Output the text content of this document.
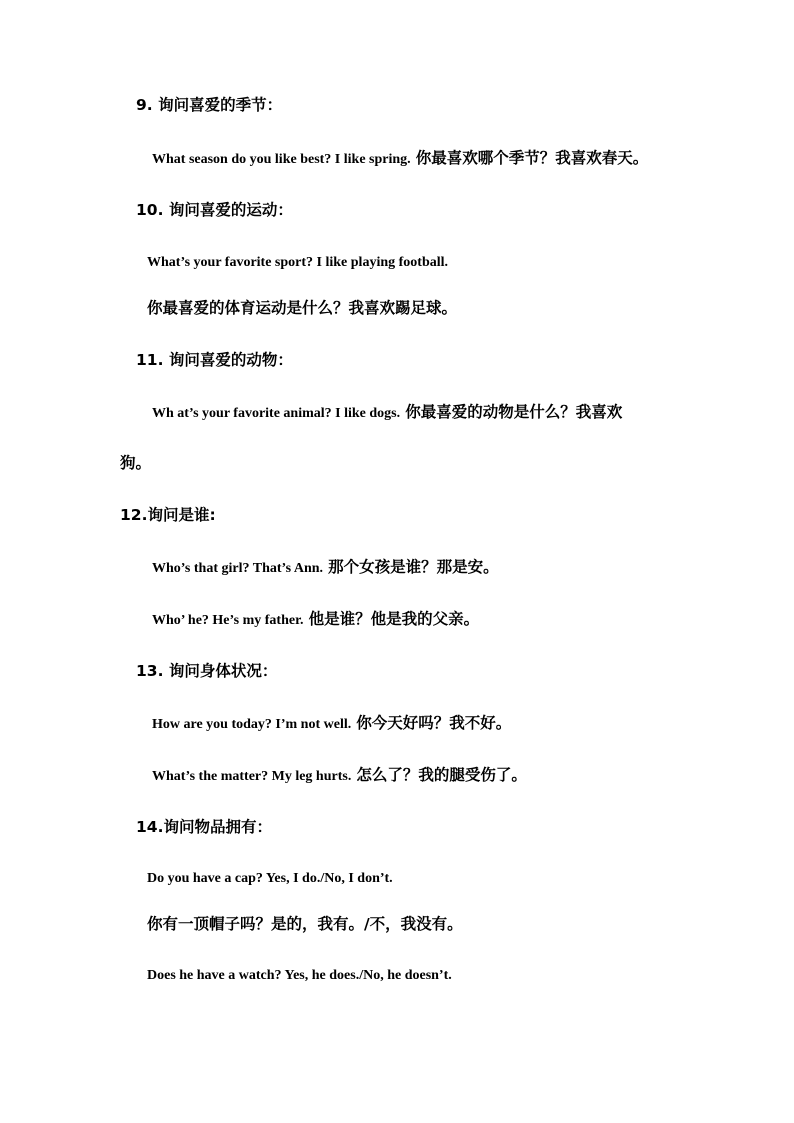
9. 询问喜爱的季节：
What season do you like best? I like spring. 你最喜欢哪个季节？我喜欢春天。
10. 询问喜爱的运动：
What’s your favorite sport? I like playing football.
你最喜爱的体育运动是什么？我喜欢踢足球。
11. 询问喜爱的动物：
Wh at’s your favorite animal? I like dogs. 你最喜爱的动物是什么？我喜欢
狗。
12.询问是谁:
Who’s that girl? That’s Ann. 那个女孩是谁？那是安。
Who’ he? He’s my father. 他是谁？他是我的父亲。
13. 询问身体状况：
How are you today? I’m not well. 你今天好吗？我不好。
What’s the matter? My leg hurts. 怎么了？我的腿受伤了。
14.询问物品拥有：
Do you have a cap? Yes, I do./No, I don’t.
你有一顶帽子吗？是的，我有。/不，我没有。
Does he have a watch? Yes, he does./No, he doesn’t.
